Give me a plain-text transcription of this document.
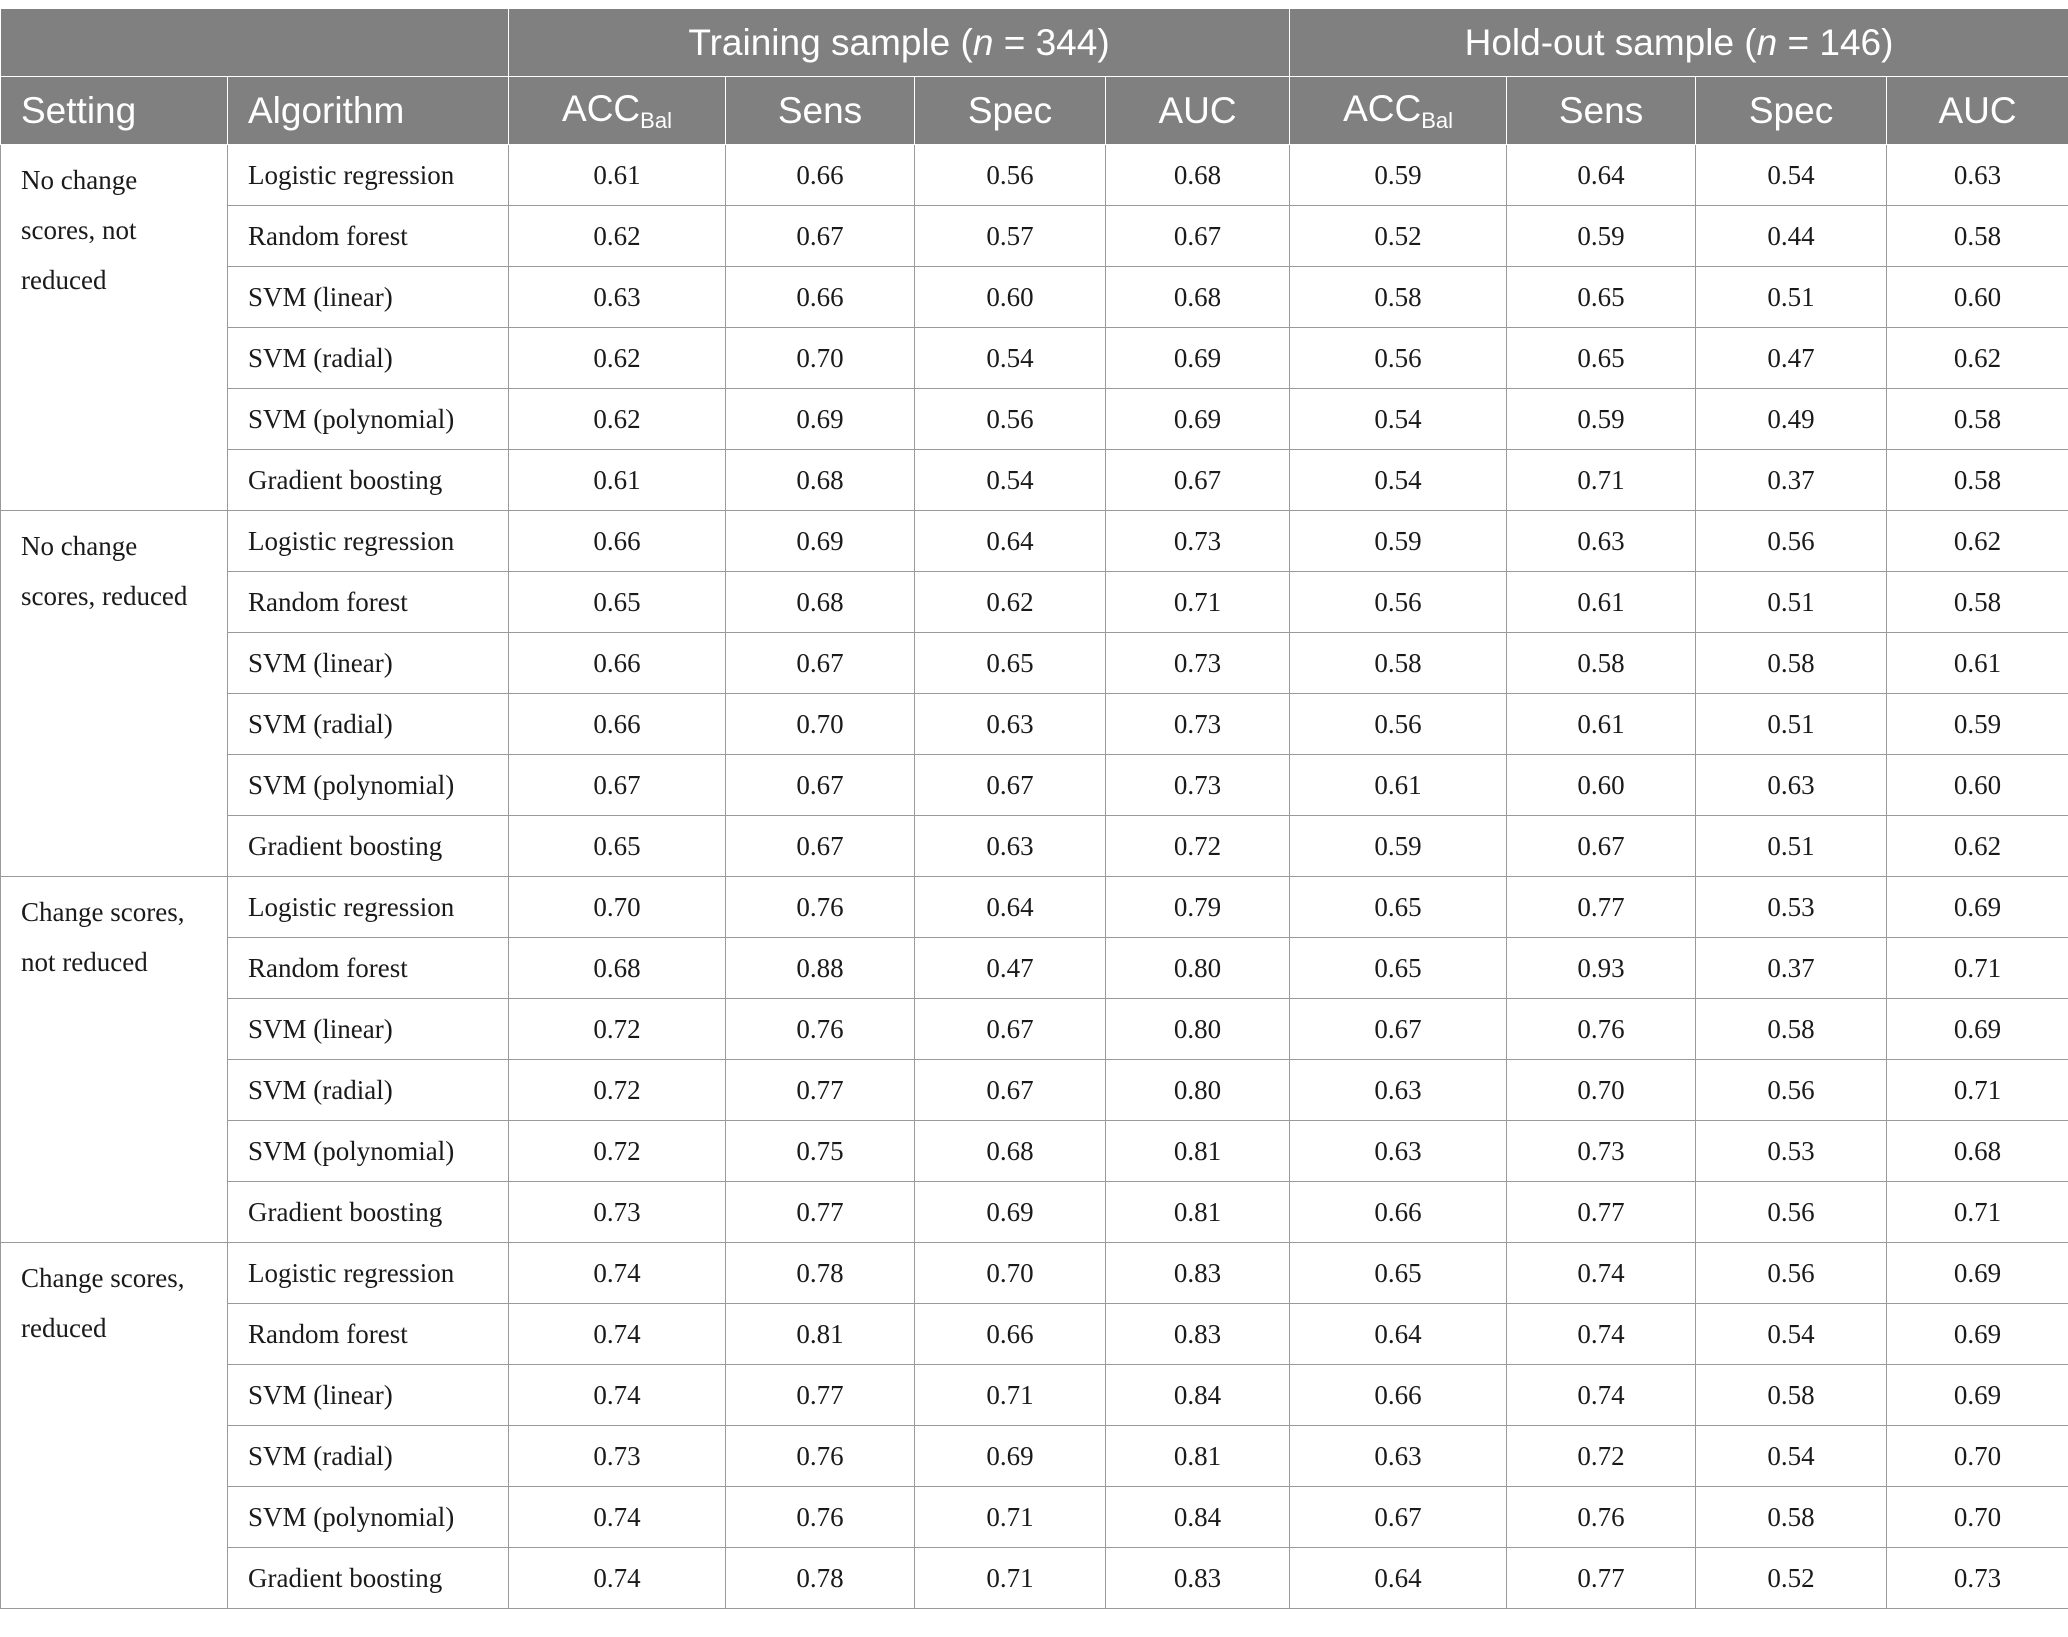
		Training sample (n = 344)				Hold-out sample (n = 146)			
Setting	Algorithm	$ACC_{Bal}$	Sens	Spec	AUC	$ACC_{Bal}$	Sens	Spec	AUC
No change scores, not reduced	Logistic regression	0.61	0.66	0.56	0.68	0.59	0.64	0.54	0.63
	Random forest	0.62	0.67	0.57	0.67	0.52	0.59	0.44	0.58
	SVM (linear)	0.63	0.66	0.60	0.68	0.58	0.65	0.51	0.60
	SVM (radial)	0.62	0.70	0.54	0.69	0.56	0.65	0.47	0.62
	SVM (polynomial)	0.62	0.69	0.56	0.69	0.54	0.59	0.49	0.58
	Gradient boosting	0.61	0.68	0.54	0.67	0.54	0.71	0.37	0.58
No change scores, reduced	Logistic regression	0.66	0.69	0.64	0.73	0.59	0.63	0.56	0.62
	Random forest	0.65	0.68	0.62	0.71	0.56	0.61	0.51	0.58
	SVM (linear)	0.66	0.67	0.65	0.73	0.58	0.58	0.58	0.61
	SVM (radial)	0.66	0.70	0.63	0.73	0.56	0.61	0.51	0.59
	SVM (polynomial)	0.67	0.67	0.67	0.73	0.61	0.60	0.63	0.60
	Gradient boosting	0.65	0.67	0.63	0.72	0.59	0.67	0.51	0.62
Change scores, not reduced	Logistic regression	0.70	0.76	0.64	0.79	0.65	0.77	0.53	0.69
	Random forest	0.68	0.88	0.47	0.80	0.65	0.93	0.37	0.71
	SVM (linear)	0.72	0.76	0.67	0.80	0.67	0.76	0.58	0.69
	SVM (radial)	0.72	0.77	0.67	0.80	0.63	0.70	0.56	0.71
	SVM (polynomial)	0.72	0.75	0.68	0.81	0.63	0.73	0.53	0.68
	Gradient boosting	0.73	0.77	0.69	0.81	0.66	0.77	0.56	0.71
Change scores, reduced	Logistic regression	0.74	0.78	0.70	0.83	0.65	0.74	0.56	0.69
	Random forest	0.74	0.81	0.66	0.83	0.64	0.74	0.54	0.69
	SVM (linear)	0.74	0.77	0.71	0.84	0.66	0.74	0.58	0.69
	SVM (radial)	0.73	0.76	0.69	0.81	0.63	0.72	0.54	0.70
	SVM (polynomial)	0.74	0.76	0.71	0.84	0.67	0.76	0.58	0.70
	Gradient boosting	0.74	0.78	0.71	0.83	0.64	0.77	0.52	0.73
